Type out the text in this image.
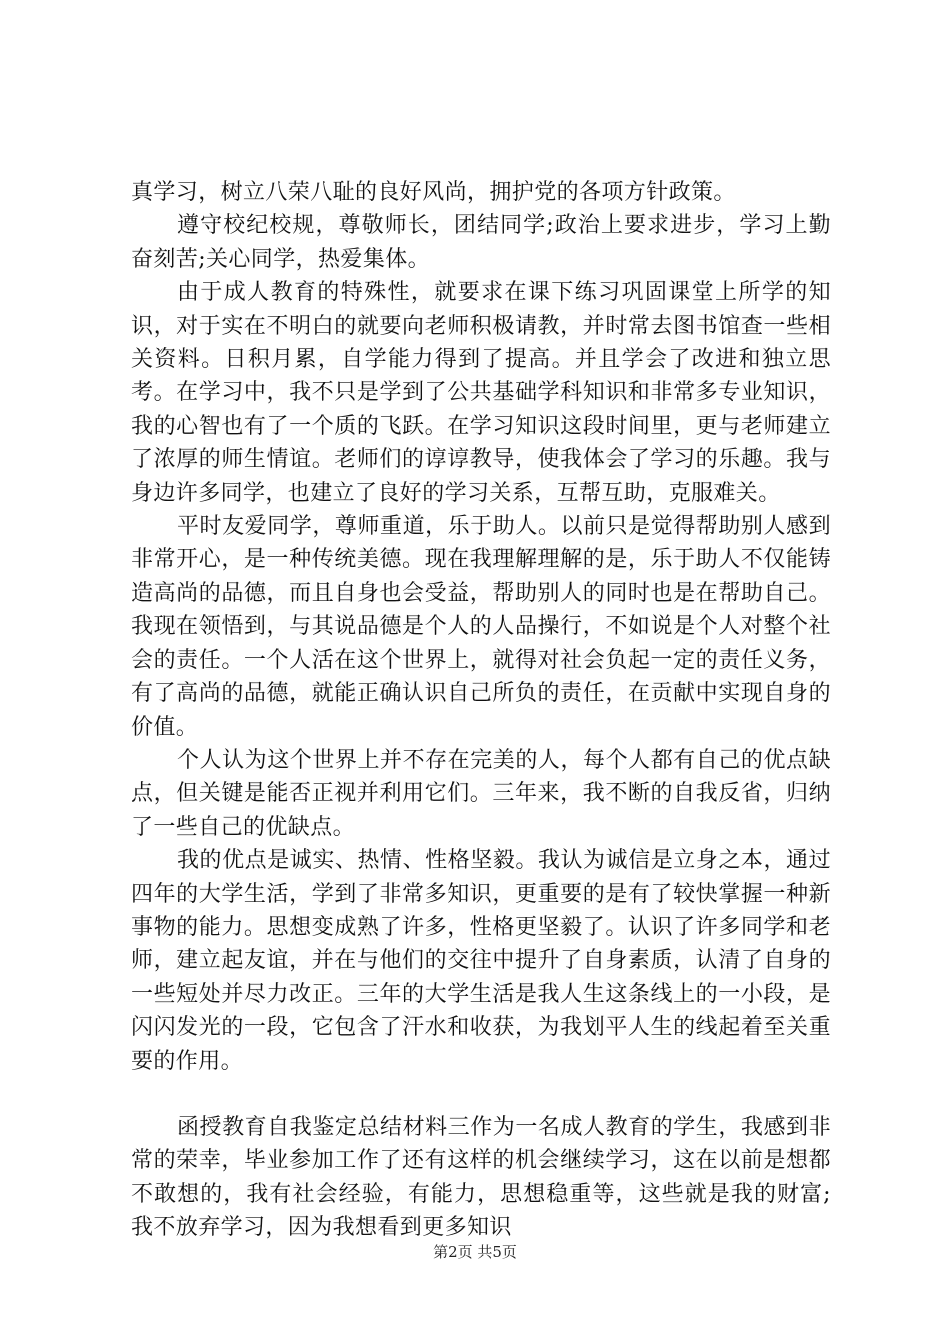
真学习，树立八荣八耻的良好风尚，拥护党的各项方针政策。

遵守校纪校规，尊敬师长，团结同学;政治上要求进步，学习上勤奋刻苦;关心同学，热爱集体。

由于成人教育的特殊性，就要求在课下练习巩固课堂上所学的知识，对于实在不明白的就要向老师积极请教，并时常去图书馆查一些相关资料。日积月累，自学能力得到了提高。并且学会了改进和独立思考。在学习中，我不只是学到了公共基础学科知识和非常多专业知识，我的心智也有了一个质的飞跃。在学习知识这段时间里，更与老师建立了浓厚的师生情谊。老师们的谆谆教导，使我体会了学习的乐趣。我与身边许多同学，也建立了良好的学习关系，互帮互助，克服难关。

平时友爱同学，尊师重道，乐于助人。以前只是觉得帮助别人感到非常开心，是一种传统美德。现在我理解理解的是，乐于助人不仅能铸造高尚的品德，而且自身也会受益，帮助别人的同时也是在帮助自己。我现在领悟到，与其说品德是个人的人品操行，不如说是个人对整个社会的责任。一个人活在这个世界上，就得对社会负起一定的责任义务，有了高尚的品德，就能正确认识自己所负的责任，在贡献中实现自身的价值。

个人认为这个世界上并不存在完美的人，每个人都有自己的优点缺点，但关键是能否正视并利用它们。三年来，我不断的自我反省，归纳了一些自己的优缺点。

我的优点是诚实、热情、性格坚毅。我认为诚信是立身之本，通过四年的大学生活，学到了非常多知识，更重要的是有了较快掌握一种新事物的能力。思想变成熟了许多，性格更坚毅了。认识了许多同学和老师，建立起友谊，并在与他们的交往中提升了自身素质，认清了自身的一些短处并尽力改正。三年的大学生活是我人生这条线上的一小段，是闪闪发光的一段，它包含了汗水和收获，为我划平人生的线起着至关重要的作用。

函授教育自我鉴定总结材料三作为一名成人教育的学生，我感到非常的荣幸，毕业参加工作了还有这样的机会继续学习，这在以前是想都不敢想的，我有社会经验，有能力，思想稳重等，这些就是我的财富;我不放弃学习，因为我想看到更多知识

第2页 共5页
